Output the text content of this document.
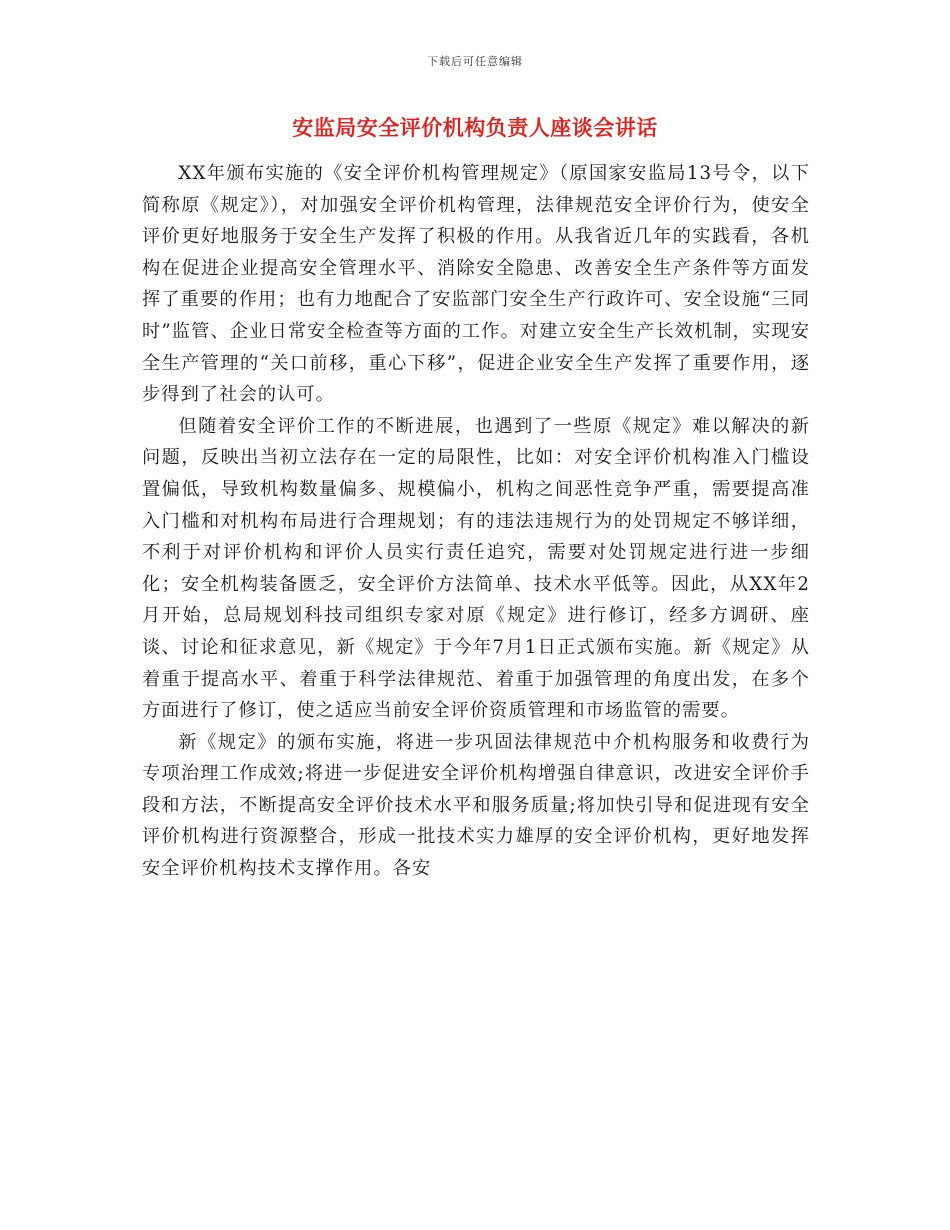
下载后可任意编辑
安监局安全评价机构负责人座谈会讲话

XX年颁布实施的《安全评价机构管理规定》（原国家安监局13号令，以下简称原《规定》），对加强安全评价机构管理，法律规范安全评价行为，使安全评价更好地服务于安全生产发挥了积极的作用。从我省近几年的实践看，各机构在促进企业提高安全管理水平、消除安全隐患、改善安全生产条件等方面发挥了重要的作用；也有力地配合了安监部门安全生产行政许可、安全设施“三同时”监管、企业日常安全检查等方面的工作。对建立安全生产长效机制，实现安全生产管理的“关口前移，重心下移”，促进企业安全生产发挥了重要作用，逐步得到了社会的认可。

但随着安全评价工作的不断进展，也遇到了一些原《规定》难以解决的新问题，反映出当初立法存在一定的局限性，比如：对安全评价机构准入门槛设置偏低，导致机构数量偏多、规模偏小，机构之间恶性竞争严重，需要提高准入门槛和对机构布局进行合理规划；有的违法违规行为的处罚规定不够详细，不利于对评价机构和评价人员实行责任追究，需要对处罚规定进行进一步细化；安全机构装备匮乏，安全评价方法简单、技术水平低等。因此，从XX年2月开始，总局规划科技司组织专家对原《规定》进行修订，经多方调研、座谈、讨论和征求意见，新《规定》于今年7月1日正式颁布实施。新《规定》从着重于提高水平、着重于科学法律规范、着重于加强管理的角度出发，在多个方面进行了修订，使之适应当前安全评价资质管理和市场监管的需要。

新《规定》的颁布实施，将进一步巩固法律规范中介机构服务和收费行为专项治理工作成效;将进一步促进安全评价机构增强自律意识，改进安全评价手段和方法，不断提高安全评价技术水平和服务质量;将加快引导和促进现有安全评价机构进行资源整合，形成一批技术实力雄厚的安全评价机构，更好地发挥安全评价机构技术支撑作用。各安
